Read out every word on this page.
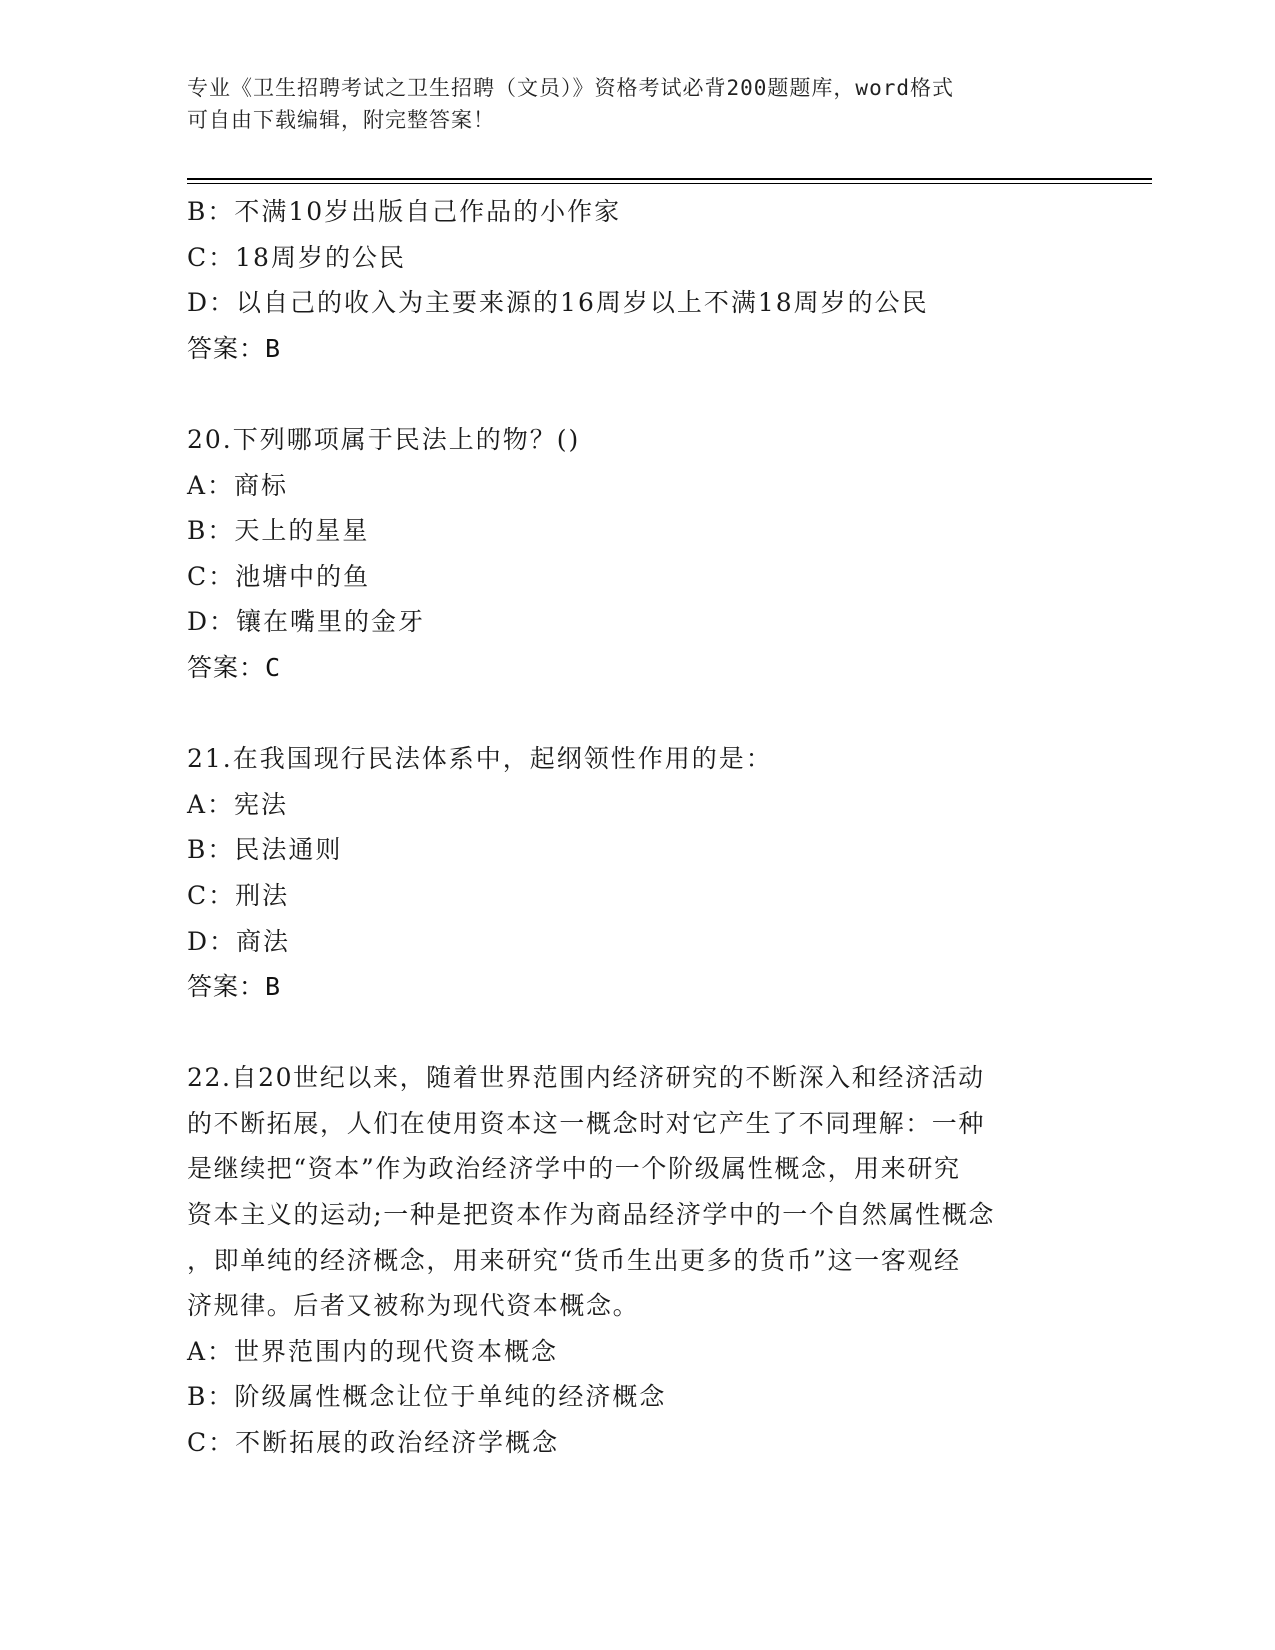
专业《卫生招聘考试之卫生招聘（文员）》资格考试必背200题题库，word格式
可自由下载编辑，附完整答案！
B：不满10岁出版自己作品的小作家
C：18周岁的公民
D：以自己的收入为主要来源的16周岁以上不满18周岁的公民
答案：B
20.下列哪项属于民法上的物？()
A：商标
B：天上的星星
C：池塘中的鱼
D：镶在嘴里的金牙
答案：C
21.在我国现行民法体系中，起纲领性作用的是：
A：宪法
B：民法通则
C：刑法
D：商法
答案：B
22.自20世纪以来，随着世界范围内经济研究的不断深入和经济活动
的不断拓展，人们在使用资本这一概念时对它产生了不同理解：一种
是继续把“资本”作为政治经济学中的一个阶级属性概念，用来研究
资本主义的运动;一种是把资本作为商品经济学中的一个自然属性概念
，即单纯的经济概念，用来研究“货币生出更多的货币”这一客观经
济规律。后者又被称为现代资本概念。
A：世界范围内的现代资本概念
B：阶级属性概念让位于单纯的经济概念
C：不断拓展的政治经济学概念
